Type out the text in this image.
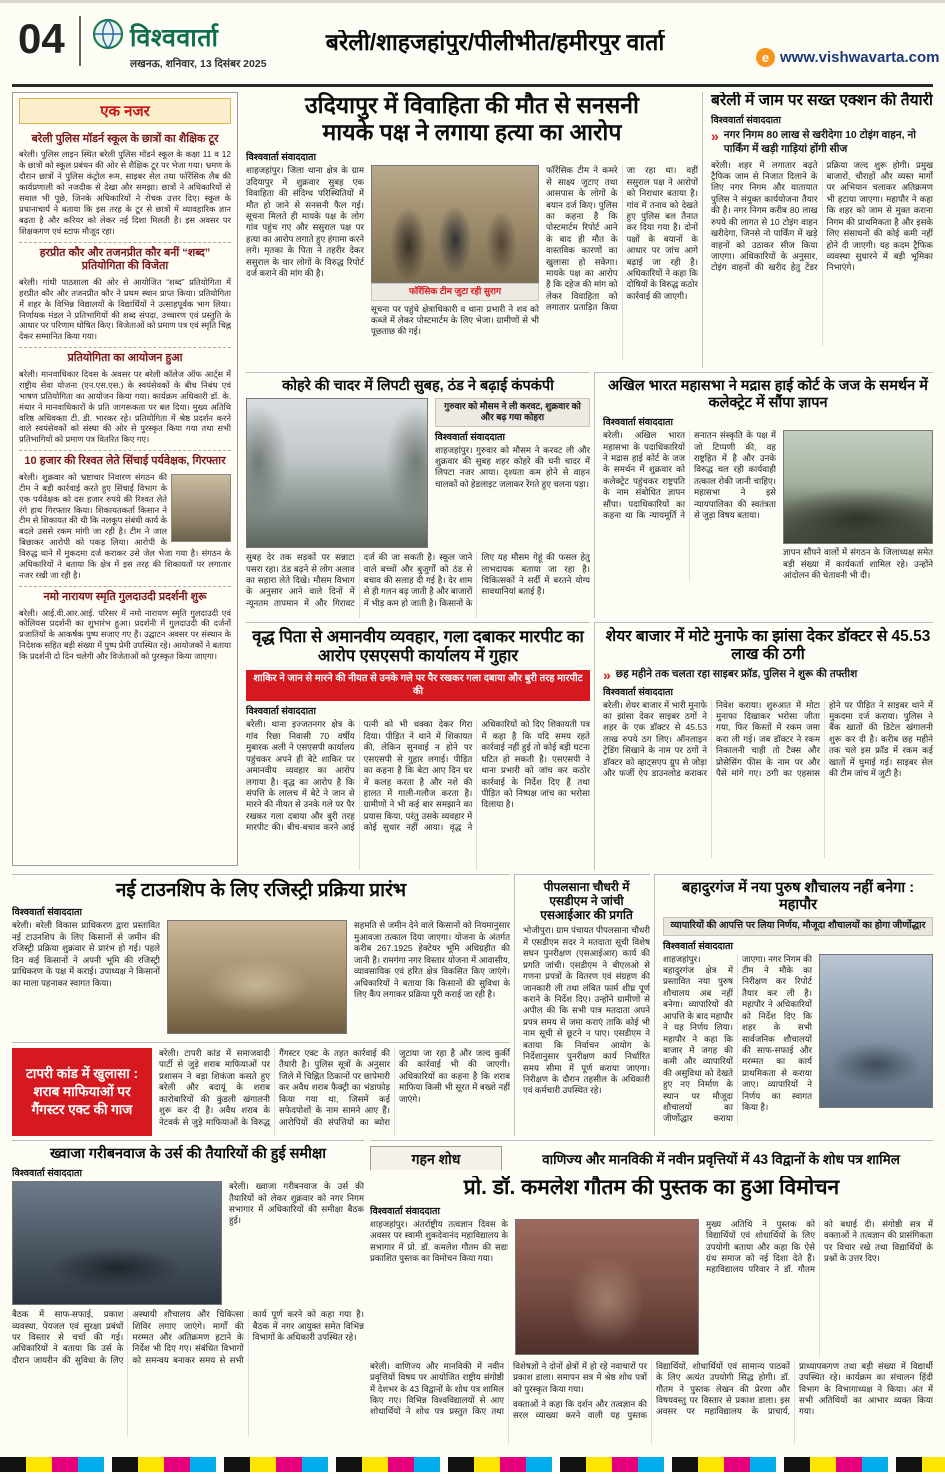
04	विश्ववार्ता
लखनऊ, शनिवार, 13 दिसंबर 2025
बरेली/शाहजहांपुर/पीलीभीत/हमीरपुर वार्ता
e www.vishwavarta.com
एक नजर
बरेली पुलिस मॉडर्न स्कूल के छात्रों का शैक्षिक टूर
बरेली। पुलिस लाइन स्थित बरेली पुलिस मॉडर्न स्कूल के कक्षा 11 व 12 के छात्रों को स्कूल प्रबंधन की ओर से शैक्षिक टूर पर भेजा गया। भ्रमण के दौरान छात्रों ने पुलिस कंट्रोल रूम, साइबर सेल तथा फॉरेंसिक लैब की कार्यप्रणाली को नजदीक से देखा और समझा। छात्रों ने अधिकारियों से सवाल भी पूछे, जिनके अधिकारियों ने रोचक उत्तर दिए। स्कूल के प्रधानाचार्य ने बताया कि इस तरह के टूर से छात्रों में व्यावहारिक ज्ञान बढ़ता है और करियर को लेकर नई दिशा मिलती है। इस अवसर पर शिक्षकगण एवं स्टाफ मौजूद रहा।
हरप्रीत कौर और तजनप्रीत कौर बनीं “शब्द” प्रतियोगिता की विजेता
बरेली। गांधी पाठशाला की ओर से आयोजित “शब्द” प्रतियोगिता में हरप्रीत कौर और तजनप्रीत कौर ने प्रथम स्थान प्राप्त किया। प्रतियोगिता में शहर के विभिन्न विद्यालयों के विद्यार्थियों ने उत्साहपूर्वक भाग लिया। निर्णायक मंडल ने प्रतिभागियों की शब्द संपदा, उच्चारण एवं प्रस्तुति के आधार पर परिणाम घोषित किए। विजेताओं को प्रमाण पत्र एवं स्मृति चिह्न देकर सम्मानित किया गया।
प्रतियोगिता का आयोजन हुआ
बरेली। मानवाधिकार दिवस के अवसर पर बरेली कॉलेज ऑफ आर्ट्स में राष्ट्रीय सेवा योजना (एन.एस.एस.) के स्वयंसेवकों के बीच निबंध एवं भाषण प्रतियोगिता का आयोजन किया गया। कार्यक्रम अधिकारी डॉ. के. मंथार ने मानवाधिकारों के प्रति जागरूकता पर बल दिया। मुख्य अतिथि वरिष्ठ अधिवक्ता टी. डी. भारकर रहे। प्रतियोगिता में श्रेष्ठ प्रदर्शन करने वाले स्वयंसेवकों को संस्था की ओर से पुरस्कृत किया गया तथा सभी प्रतिभागियों को प्रमाण पत्र वितरित किए गए।
10 हजार की रिश्वत लेते सिंचाई पर्यवेक्षक, गिरफ्तार
बरेली। शुक्रवार को भ्रष्टाचार निवारण संगठन की टीम ने बड़ी कार्रवाई करते हुए सिंचाई विभाग के एक पर्यवेक्षक को दस हजार रुपये की रिश्वत लेते रंगे हाथ गिरफ्तार किया। शिकायतकर्ता किसान ने टीम से शिकायत की थी कि नलकूप संबंधी कार्य के बदले उससे रकम मांगी जा रही है। टीम ने जाल बिछाकर आरोपी को पकड़ लिया। आरोपी के विरुद्ध थाने में मुकदमा दर्ज कराकर उसे जेल भेजा गया है। संगठन के अधिकारियों ने बताया कि क्षेत्र में इस तरह की शिकायतों पर लगातार नजर रखी जा रही है।
नमो नारायण स्मृति गुलदाउदी प्रदर्शनी शुरू
बरेली। आई.वी.आर.आई. परिसर में नमो नारायण स्मृति गुलदाउदी एवं कोलियस प्रदर्शनी का शुभारंभ हुआ। प्रदर्शनी में गुलदाउदी की दर्जनों प्रजातियों के आकर्षक पुष्प सजाए गए हैं। उद्घाटन अवसर पर संस्थान के निदेशक सहित बड़ी संख्या में पुष्प प्रेमी उपस्थित रहे। आयोजकों ने बताया कि प्रदर्शनी दो दिन चलेगी और विजेताओं को पुरस्कृत किया जाएगा।
उदियापुर में विवाहिता की मौत से सनसनी
मायके पक्ष ने लगाया हत्या का आरोप
विश्ववार्ता संवाददाता
शाहजहांपुर। जिला थाना क्षेत्र के ग्राम उदियापुर में शुक्रवार सुबह एक विवाहिता की संदिग्ध परिस्थितियों में मौत हो जाने से सनसनी फैल गई। सूचना मिलते ही मायके पक्ष के लोग गांव पहुंच गए और ससुराल पक्ष पर हत्या का आरोप लगाते हुए हंगामा करने लगे। मृतका के पिता ने तहरीर देकर ससुराल के चार लोगों के विरुद्ध रिपोर्ट दर्ज कराने की मांग की है।
फॉरेंसिक टीम जुटा रही सुराग
सूचना पर पहुंचे क्षेत्राधिकारी व थाना प्रभारी ने शव को कब्जे में लेकर पोस्टमार्टम के लिए भेजा। ग्रामीणों से भी पूछताछ की गई।
फॉरेंसिक टीम ने कमरे से साक्ष्य जुटाए तथा आसपास के लोगों के बयान दर्ज किए। पुलिस का कहना है कि पोस्टमार्टम रिपोर्ट आने के बाद ही मौत के वास्तविक कारणों का खुलासा हो सकेगा। मायके पक्ष का आरोप है कि दहेज की मांग को लेकर विवाहिता को लगातार प्रताड़ित किया जा रहा था। वहीं ससुराल पक्ष ने आरोपों को निराधार बताया है। गांव में तनाव को देखते हुए पुलिस बल तैनात कर दिया गया है। दोनों पक्षों के बयानों के आधार पर जांच आगे बढ़ाई जा रही है। अधिकारियों ने कहा कि दोषियों के विरुद्ध कठोर कार्रवाई की जाएगी।
बरेली में जाम पर सख्त एक्शन की तैयारी
विश्ववार्ता संवाददाता
» नगर निगम 80 लाख से खरीदेगा 10 टोइंग वाहन, नो पार्किंग में खड़ी गाड़ियां होंगी सीज
बरेली। शहर में लगातार बढ़ते ट्रैफिक जाम से निजात दिलाने के लिए नगर निगम और यातायात पुलिस ने संयुक्त कार्ययोजना तैयार की है। नगर निगम करीब 80 लाख रुपये की लागत से 10 टोइंग वाहन खरीदेगा, जिनसे नो पार्किंग में खड़े वाहनों को उठाकर सीज किया जाएगा। अधिकारियों के अनुसार, टोइंग वाहनों की खरीद हेतु टेंडर प्रक्रिया जल्द शुरू होगी। प्रमुख बाजारों, चौराहों और व्यस्त मार्गों पर अभियान चलाकर अतिक्रमण भी हटाया जाएगा। महापौर ने कहा कि शहर को जाम से मुक्त कराना निगम की प्राथमिकता है और इसके लिए संसाधनों की कोई कमी नहीं होने दी जाएगी। यह कदम ट्रैफिक व्यवस्था सुधारने में बड़ी भूमिका निभाएंगे।
कोहरे की चादर में लिपटी सुबह, ठंड ने बढ़ाई कंपकंपी
गुरुवार को मौसम ने ली करवट, शुक्रवार को और बढ़ गया कोहरा
विश्ववार्ता संवाददाता
शाहजहांपुर। गुरुवार को मौसम ने करवट ली और शुक्रवार की सुबह शहर कोहरे की घनी चादर में लिपटा नजर आया। दृश्यता कम होने से वाहन चालकों को हेडलाइट जलाकर रेंगते हुए चलना पड़ा।
सुबह देर तक सड़कों पर सन्नाटा पसरा रहा। ठंड बढ़ने से लोग अलाव का सहारा लेते दिखे। मौसम विभाग के अनुसार आने वाले दिनों में न्यूनतम तापमान में और गिरावट दर्ज की जा सकती है। स्कूल जाने वाले बच्चों और बुजुर्गों को ठंड से बचाव की सलाह दी गई है। देर शाम से ही गलन बढ़ जाती है और बाजारों में भीड़ कम हो जाती है। किसानों के लिए यह मौसम गेहूं की फसल हेतु लाभदायक बताया जा रहा है। चिकित्सकों ने सर्दी में बरतने योग्य सावधानियां बताई हैं।
अखिल भारत महासभा ने मद्रास हाई कोर्ट के जज के समर्थन में कलेक्ट्रेट में सौंपा ज्ञापन
विश्ववार्ता संवाददाता
बरेली। अखिल भारत महासभा के पदाधिकारियों ने मद्रास हाई कोर्ट के जज के समर्थन में शुक्रवार को कलेक्ट्रेट पहुंचकर राष्ट्रपति के नाम संबोधित ज्ञापन सौंपा। पदाधिकारियों का कहना था कि न्यायमूर्ति ने सनातन संस्कृति के पक्ष में जो टिप्पणी की, वह राष्ट्रहित में है और उनके विरुद्ध चल रही कार्यवाही तत्काल रोकी जानी चाहिए। महासभा ने इसे न्यायपालिका की स्वतंत्रता से जुड़ा विषय बताया।
ज्ञापन सौंपने वालों में संगठन के जिलाध्यक्ष समेत बड़ी संख्या में कार्यकर्ता शामिल रहे। उन्होंने आंदोलन की चेतावनी भी दी।
वृद्ध पिता से अमानवीय व्यवहार, गला दबाकर मारपीट का आरोप एसएसपी कार्यालय में गुहार
शाकिर ने जान से मारने की नीयत से उनके गले पर पैर रखकर गला दबाया और बुरी तरह मारपीट की
विश्ववार्ता संवाददाता
बरेली। थाना इज्जतनगर क्षेत्र के गांव रिछा निवासी 70 वर्षीय मुबारक अली ने एसएसपी कार्यालय पहुंचकर अपने ही बेटे शाकिर पर अमानवीय व्यवहार का आरोप लगाया है। वृद्ध का आरोप है कि संपत्ति के लालच में बेटे ने जान से मारने की नीयत से उनके गले पर पैर रखकर गला दबाया और बुरी तरह मारपीट की। बीच-बचाव करने आई पत्नी को भी धक्का देकर गिरा दिया। पीड़ित ने थाने में शिकायत की, लेकिन सुनवाई न होने पर एसएसपी से गुहार लगाई। पीड़ित का कहना है कि बेटा आए दिन घर में कलह करता है और नशे की हालत में गाली-गलौज करता है। ग्रामीणों ने भी कई बार समझाने का प्रयास किया, परंतु उसके व्यवहार में कोई सुधार नहीं आया। वृद्ध ने अधिकारियों को दिए शिकायती पत्र में कहा है कि यदि समय रहते कार्रवाई नहीं हुई तो कोई बड़ी घटना घटित हो सकती है। एसएसपी ने थाना प्रभारी को जांच कर कठोर कार्रवाई के निर्देश दिए हैं तथा पीड़ित को निष्पक्ष जांच का भरोसा दिलाया है।
शेयर बाजार में मोटे मुनाफे का झांसा देकर डॉक्टर से 45.53 लाख की ठगी
» छह महीने तक चलता रहा साइबर फ्रॉड, पुलिस ने शुरू की तफ्तीश
विश्ववार्ता संवाददाता
बरेली। शेयर बाजार में भारी मुनाफे का झांसा देकर साइबर ठगों ने शहर के एक डॉक्टर से 45.53 लाख रुपये ठग लिए। ऑनलाइन ट्रेडिंग सिखाने के नाम पर ठगों ने डॉक्टर को व्हाट्सएप ग्रुप से जोड़ा और फर्जी ऐप डाउनलोड कराकर निवेश कराया। शुरुआत में मोटा मुनाफा दिखाकर भरोसा जीता गया, फिर किस्तों में रकम जमा करा ली गई। जब डॉक्टर ने रकम निकालनी चाही तो टैक्स और प्रोसेसिंग फीस के नाम पर और पैसे मांगे गए। ठगी का एहसास होने पर पीड़ित ने साइबर थाने में मुकदमा दर्ज कराया। पुलिस ने बैंक खातों की डिटेल खंगालनी शुरू कर दी है। करीब छह महीने तक चले इस फ्रॉड में रकम कई खातों में घुमाई गई। साइबर सेल की टीम जांच में जुटी है।
नई टाउनशिप के लिए रजिस्ट्री प्रक्रिया प्रारंभ
विश्ववार्ता संवाददाता
बरेली। बरेली विकास प्राधिकरण द्वारा प्रस्तावित नई टाउनशिप के लिए किसानों से जमीन की रजिस्ट्री प्रक्रिया शुक्रवार से प्रारंभ हो गई। पहले दिन कई किसानों ने अपनी भूमि की रजिस्ट्री प्राधिकरण के पक्ष में कराई। उपाध्यक्ष ने किसानों का माला पहनाकर स्वागत किया।
सहमति से जमीन देने वाले किसानों को नियमानुसार मुआवजा तत्काल दिया जाएगा। योजना के अंतर्गत करीब 267.1925 हेक्टेयर भूमि अधिग्रहीत की जानी है। रामगंगा नगर विस्तार योजना में आवासीय, व्यावसायिक एवं हरित क्षेत्र विकसित किए जाएंगे। अधिकारियों ने बताया कि किसानों की सुविधा के लिए कैंप लगाकर प्रक्रिया पूरी कराई जा रही है।
टापरी कांड में खुलासा : शराब माफियाओं पर गैंगस्टर एक्ट की गाज
बरेली। टापरी कांड में समाजवादी पार्टी से जुड़े शराब माफियाओं पर प्रशासन ने बड़ा शिकंजा कसते हुए बरेली और बदायूं के शराब कारोबारियों की कुंडली खंगालनी शुरू कर दी है। अवैध शराब के नेटवर्क से जुड़े माफियाओं के विरुद्ध गैंगस्टर एक्ट के तहत कार्रवाई की तैयारी है। पुलिस सूत्रों के अनुसार जिले में चिह्नित ठिकानों पर छापेमारी कर अवैध शराब फैक्ट्री का भंडाफोड़ किया गया था, जिसमें कई सफेदपोशों के नाम सामने आए हैं। आरोपियों की संपत्तियों का ब्योरा जुटाया जा रहा है और जल्द कुर्की की कार्रवाई भी की जाएगी। अधिकारियों का कहना है कि शराब माफिया किसी भी सूरत में बख्शे नहीं जाएंगे।
पीपलसाना चौधरी में एसडीएम ने जांची एसआईआर की प्रगति
भोजीपुरा। ग्राम पंचायत पीपलसाना चौधरी में एसडीएम सदर ने मतदाता सूची विशेष सघन पुनरीक्षण (एसआईआर) कार्य की प्रगति जांची। एसडीएम ने बीएलओ से गणना प्रपत्रों के वितरण एवं संग्रहण की जानकारी ली तथा लंबित फार्म शीघ्र पूर्ण कराने के निर्देश दिए। उन्होंने ग्रामीणों से अपील की कि सभी पात्र मतदाता अपने प्रपत्र समय से जमा कराएं ताकि कोई भी नाम सूची से छूटने न पाए। एसडीएम ने बताया कि निर्वाचन आयोग के निर्देशानुसार पुनरीक्षण कार्य निर्धारित समय सीमा में पूर्ण कराया जाएगा। निरीक्षण के दौरान तहसील के अधिकारी एवं कर्मचारी उपस्थित रहे।
बहादुरगंज में नया पुरुष शौचालय नहीं बनेगा : महापौर
व्यापारियों की आपत्ति पर लिया निर्णय, मौजूदा शौचालयों का होगा जीर्णोद्धार
विश्ववार्ता संवाददाता
शाहजहांपुर। बहादुरगंज क्षेत्र में प्रस्तावित नया पुरुष शौचालय अब नहीं बनेगा। व्यापारियों की आपत्ति के बाद महापौर ने यह निर्णय लिया। महापौर ने कहा कि बाजार में जगह की कमी और व्यापारियों की असुविधा को देखते हुए नए निर्माण के स्थान पर मौजूदा शौचालयों का जीर्णोद्धार कराया जाएगा। नगर निगम की टीम ने मौके का निरीक्षण कर रिपोर्ट तैयार कर ली है। महापौर ने अधिकारियों को निर्देश दिए कि शहर के सभी सार्वजनिक शौचालयों की साफ-सफाई और मरम्मत का कार्य प्राथमिकता से कराया जाए। व्यापारियों ने निर्णय का स्वागत किया है।
ख्वाजा गरीबनवाज के उर्स की तैयारियों की हुई समीक्षा
विश्ववार्ता संवाददाता
बरेली। ख्वाजा गरीबनवाज के उर्स की तैयारियों को लेकर शुक्रवार को नगर निगम सभागार में अधिकारियों की समीक्षा बैठक हुई।
बैठक में साफ-सफाई, प्रकाश व्यवस्था, पेयजल एवं सुरक्षा प्रबंधों पर विस्तार से चर्चा की गई। अधिकारियों ने बताया कि उर्स के दौरान जायरीन की सुविधा के लिए अस्थायी शौचालय और चिकित्सा शिविर लगाए जाएंगे। मार्गों की मरम्मत और अतिक्रमण हटाने के निर्देश भी दिए गए। संबंधित विभागों को समन्वय बनाकर समय से सभी कार्य पूर्ण करने को कहा गया है। बैठक में नगर आयुक्त समेत विभिन्न विभागों के अधिकारी उपस्थित रहे।
गहन शोध	वाणिज्य और मानविकी में नवीन प्रवृत्तियों में 43 विद्वानों के शोध पत्र शामिल
प्रो. डॉ. कमलेश गौतम की पुस्तक का हुआ विमोचन
विश्ववार्ता संवाददाता
शाहजहांपुर। अंतर्राष्ट्रीय तत्वज्ञान दिवस के अवसर पर स्वामी शुकदेवानंद महाविद्यालय के सभागार में प्रो. डॉ. कमलेश गौतम की सद्यः प्रकाशित पुस्तक का विमोचन किया गया।
मुख्य अतिथि ने पुस्तक को विद्यार्थियों एवं शोधार्थियों के लिए उपयोगी बताया और कहा कि ऐसे ग्रंथ समाज को नई दिशा देते हैं। महाविद्यालय परिवार ने डॉ. गौतम को बधाई दी। संगोष्ठी सत्र में वक्ताओं ने तत्वज्ञान की प्रासंगिकता पर विचार रखे तथा विद्यार्थियों के प्रश्नों के उत्तर दिए।

बरेली। वाणिज्य और मानविकी में नवीन प्रवृत्तियों विषय पर आयोजित राष्ट्रीय संगोष्ठी में देशभर के 43 विद्वानों के शोध पत्र शामिल किए गए। विभिन्न विश्वविद्यालयों से आए शोधार्थियों ने शोध पत्र प्रस्तुत किए तथा विशेषज्ञों ने दोनों क्षेत्रों में हो रहे नवाचारों पर प्रकाश डाला। समापन सत्र में श्रेष्ठ शोध पत्रों को पुरस्कृत किया गया।

वक्ताओं ने कहा कि दर्शन और तत्वज्ञान की सरल व्याख्या करने वाली यह पुस्तक विद्यार्थियों, शोधार्थियों एवं सामान्य पाठकों के लिए अत्यंत उपयोगी सिद्ध होगी। डॉ. गौतम ने पुस्तक लेखन की प्रेरणा और विषयवस्तु पर विस्तार से प्रकाश डाला। इस अवसर पर महाविद्यालय के प्राचार्य, प्राध्यापकगण तथा बड़ी संख्या में विद्यार्थी उपस्थित रहे। कार्यक्रम का संचालन हिंदी विभाग के विभागाध्यक्ष ने किया। अंत में सभी अतिथियों का आभार व्यक्त किया गया।
